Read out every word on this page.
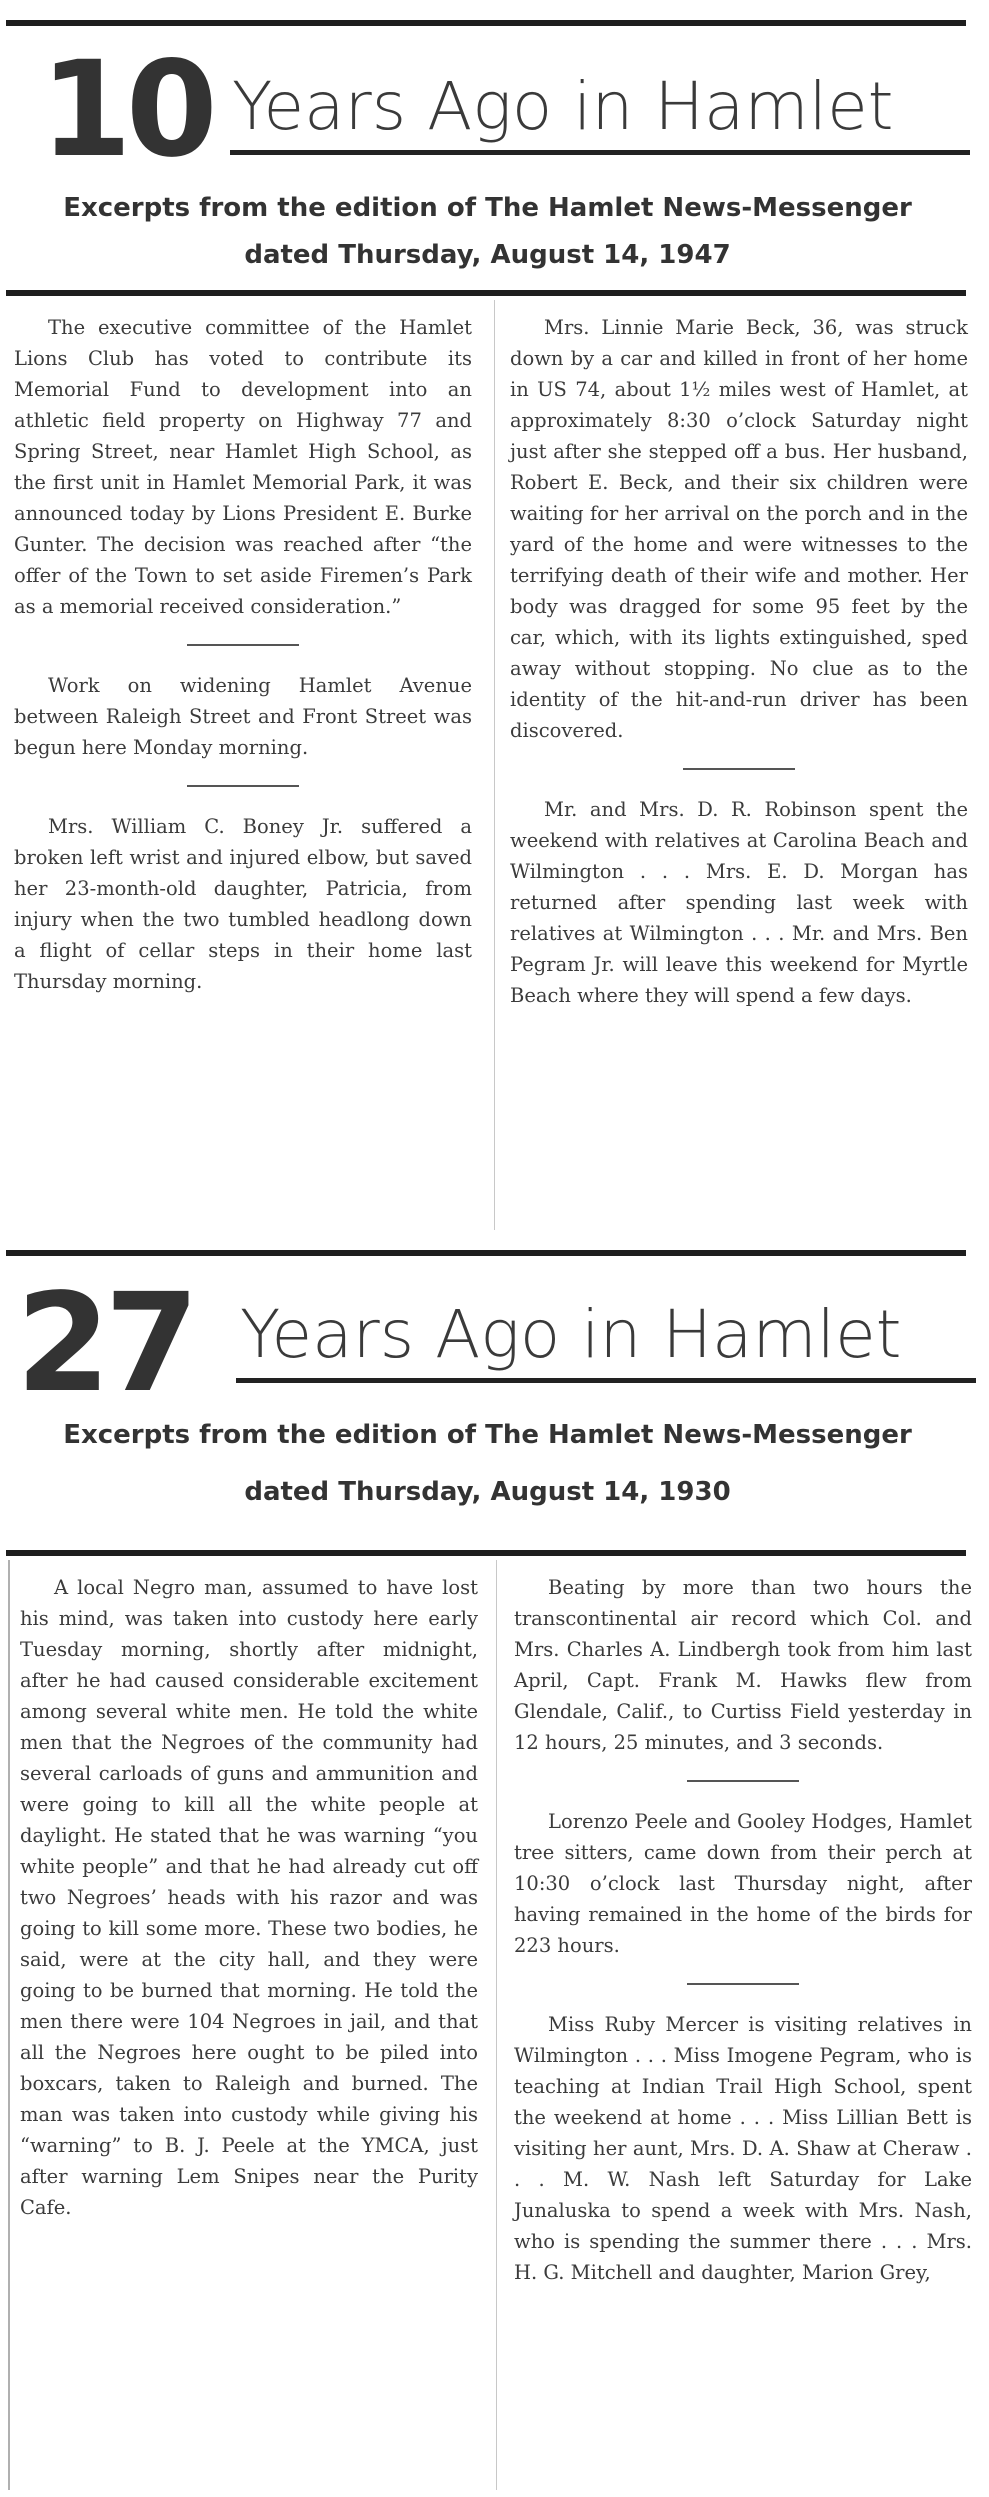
10 Years Ago in Hamlet
Excerpts from the edition of The Hamlet News-Messenger
dated Thursday, August 14, 1947

The executive committee of the Hamlet Lions Club has voted to contribute its Memorial Fund to development into an athletic field property on Highway 77 and Spring Street, near Hamlet High School, as the first unit in Hamlet Memorial Park, it was announced today by Lions President E. Burke Gunter. The decision was reached after “the offer of the Town to set aside Firemen’s Park as a memorial received consideration.”

Work on widening Hamlet Avenue between Raleigh Street and Front Street was begun here Monday morning.

Mrs. William C. Boney Jr. suffered a broken left wrist and injured elbow, but saved her 23-month-old daughter, Patricia, from injury when the two tumbled headlong down a flight of cellar steps in their home last Thursday morning.

Mrs. Linnie Marie Beck, 36, was struck down by a car and killed in front of her home in US 74, about 1½ miles west of Hamlet, at approximately 8:30 o’clock Saturday night just after she stepped off a bus. Her husband, Robert E. Beck, and their six children were waiting for her arrival on the porch and in the yard of the home and were witnesses to the terrifying death of their wife and mother. Her body was dragged for some 95 feet by the car, which, with its lights extinguished, sped away without stopping. No clue as to the identity of the hit-and-run driver has been discovered.

Mr. and Mrs. D. R. Robinson spent the weekend with relatives at Carolina Beach and Wilmington . . . Mrs. E. D. Morgan has returned after spending last week with relatives at Wilmington . . . Mr. and Mrs. Ben Pegram Jr. will leave this weekend for Myrtle Beach where they will spend a few days.

27 Years Ago in Hamlet
Excerpts from the edition of The Hamlet News-Messenger
dated Thursday, August 14, 1930

A local Negro man, assumed to have lost his mind, was taken into custody here early Tuesday morning, shortly after midnight, after he had caused considerable excitement among several white men. He told the white men that the Negroes of the community had several carloads of guns and ammunition and were going to kill all the white people at daylight. He stated that he was warning “you white people” and that he had already cut off two Negroes’ heads with his razor and was going to kill some more. These two bodies, he said, were at the city hall, and they were going to be burned that morning. He told the men there were 104 Negroes in jail, and that all the Negroes here ought to be piled into boxcars, taken to Raleigh and burned. The man was taken into custody while giving his “warning” to B. J. Peele at the YMCA, just after warning Lem Snipes near the Purity Cafe.

Beating by more than two hours the transcontinental air record which Col. and Mrs. Charles A. Lindbergh took from him last April, Capt. Frank M. Hawks flew from Glendale, Calif., to Curtiss Field yesterday in 12 hours, 25 minutes, and 3 seconds.

Lorenzo Peele and Gooley Hodges, Hamlet tree sitters, came down from their perch at 10:30 o’clock last Thursday night, after having remained in the home of the birds for 223 hours.

Miss Ruby Mercer is visiting relatives in Wilmington . . . Miss Imogene Pegram, who is teaching at Indian Trail High School, spent the weekend at home . . . Miss Lillian Bett is visiting her aunt, Mrs. D. A. Shaw at Cheraw . . . M. W. Nash left Saturday for Lake Junaluska to spend a week with Mrs. Nash, who is spending the summer there . . . Mrs. H. G. Mitchell and daughter, Marion Grey,
